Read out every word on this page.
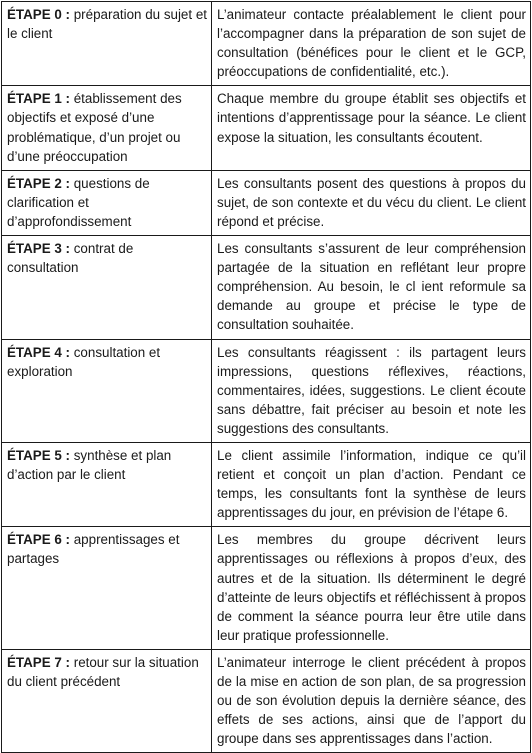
ÉTAPE 0 : préparation du sujet et le client	L’animateur contacte préalablement le client pour l’accompagner dans la préparation de son sujet de consultation (bénéfices pour le client et le GCP, préoccupations de confidentialité, etc.).
ÉTAPE 1 : établissement des objectifs et exposé d’une problématique, d’un projet ou d’une préoccupation	Chaque membre du groupe établit ses objectifs et intentions d’apprentissage pour la séance. Le client expose la situation, les consultants écoutent.
ÉTAPE 2 : questions de clarification et d’approfondissement	Les consultants posent des questions à propos du sujet, de son contexte et du vécu du client. Le client répond et précise.
ÉTAPE 3 : contrat de consultation	Les consultants s’assurent de leur compréhension partagée de la situation en reflétant leur propre compréhension. Au besoin, le cl ient reformule sa demande au groupe et précise le type de consultation souhaitée.
ÉTAPE 4 : consultation et exploration	Les consultants réagissent : ils partagent leurs impressions, questions réflexives, réactions, commentaires, idées, suggestions. Le client écoute sans débattre, fait préciser au besoin et note les suggestions des consultants.
ÉTAPE 5 : synthèse et plan d’action par le client	Le client assimile l’information, indique ce qu’il retient et conçoit un plan d’action. Pendant ce temps, les consultants font la synthèse de leurs apprentissages du jour, en prévision de l’étape 6.
ÉTAPE 6 : apprentissages et partages	Les membres du groupe décrivent leurs apprentissages ou réflexions à propos d’eux, des autres et de la situation. Ils déterminent le degré d’atteinte de leurs objectifs et réfléchissent à propos de comment la séance pourra leur être utile dans leur pratique professionnelle.
ÉTAPE 7 : retour sur la situation du client précédent	L’animateur interroge le client précédent à propos de la mise en action de son plan, de sa progression ou de son évolution depuis la dernière séance, des effets de ses actions, ainsi que de l’apport du groupe dans ses apprentissages dans l’action.
